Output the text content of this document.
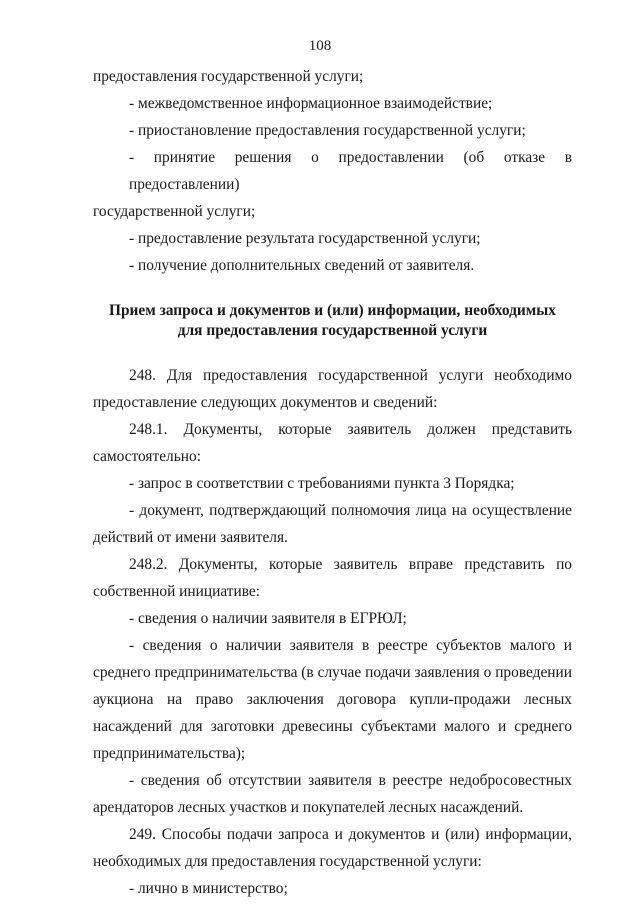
108

предоставления государственной услуги;

- межведомственное информационное взаимодействие;

- приостановление предоставления государственной услуги;

- принятие решения о предоставлении (об отказе в предоставлении)

государственной услуги;

- предоставление результата государственной услуги;

- получение дополнительных сведений от заявителя.

Прием запроса и документов и (или) информации, необходимых

для предоставления государственной услуги

248. Для предоставления государственной услуги необходимо

предоставление следующих документов и сведений:

248.1. Документы, которые заявитель должен представить

самостоятельно:

- запрос в соответствии с требованиями пункта 3 Порядка;

- документ, подтверждающий полномочия лица на осуществление

действий от имени заявителя.

248.2. Документы, которые заявитель вправе представить по

собственной инициативе:

- сведения о наличии заявителя в ЕГРЮЛ;

- сведения о наличии заявителя в реестре субъектов малого и

среднего предпринимательства (в случае подачи заявления о проведении

аукциона на право заключения договора купли-продажи лесных

насаждений для заготовки древесины субъектами малого и среднего

предпринимательства);

- сведения об отсутствии заявителя в реестре недобросовестных

арендаторов лесных участков и покупателей лесных насаждений.

249. Способы подачи запроса и документов и (или) информации,

необходимых для предоставления государственной услуги:

- лично в министерство;
